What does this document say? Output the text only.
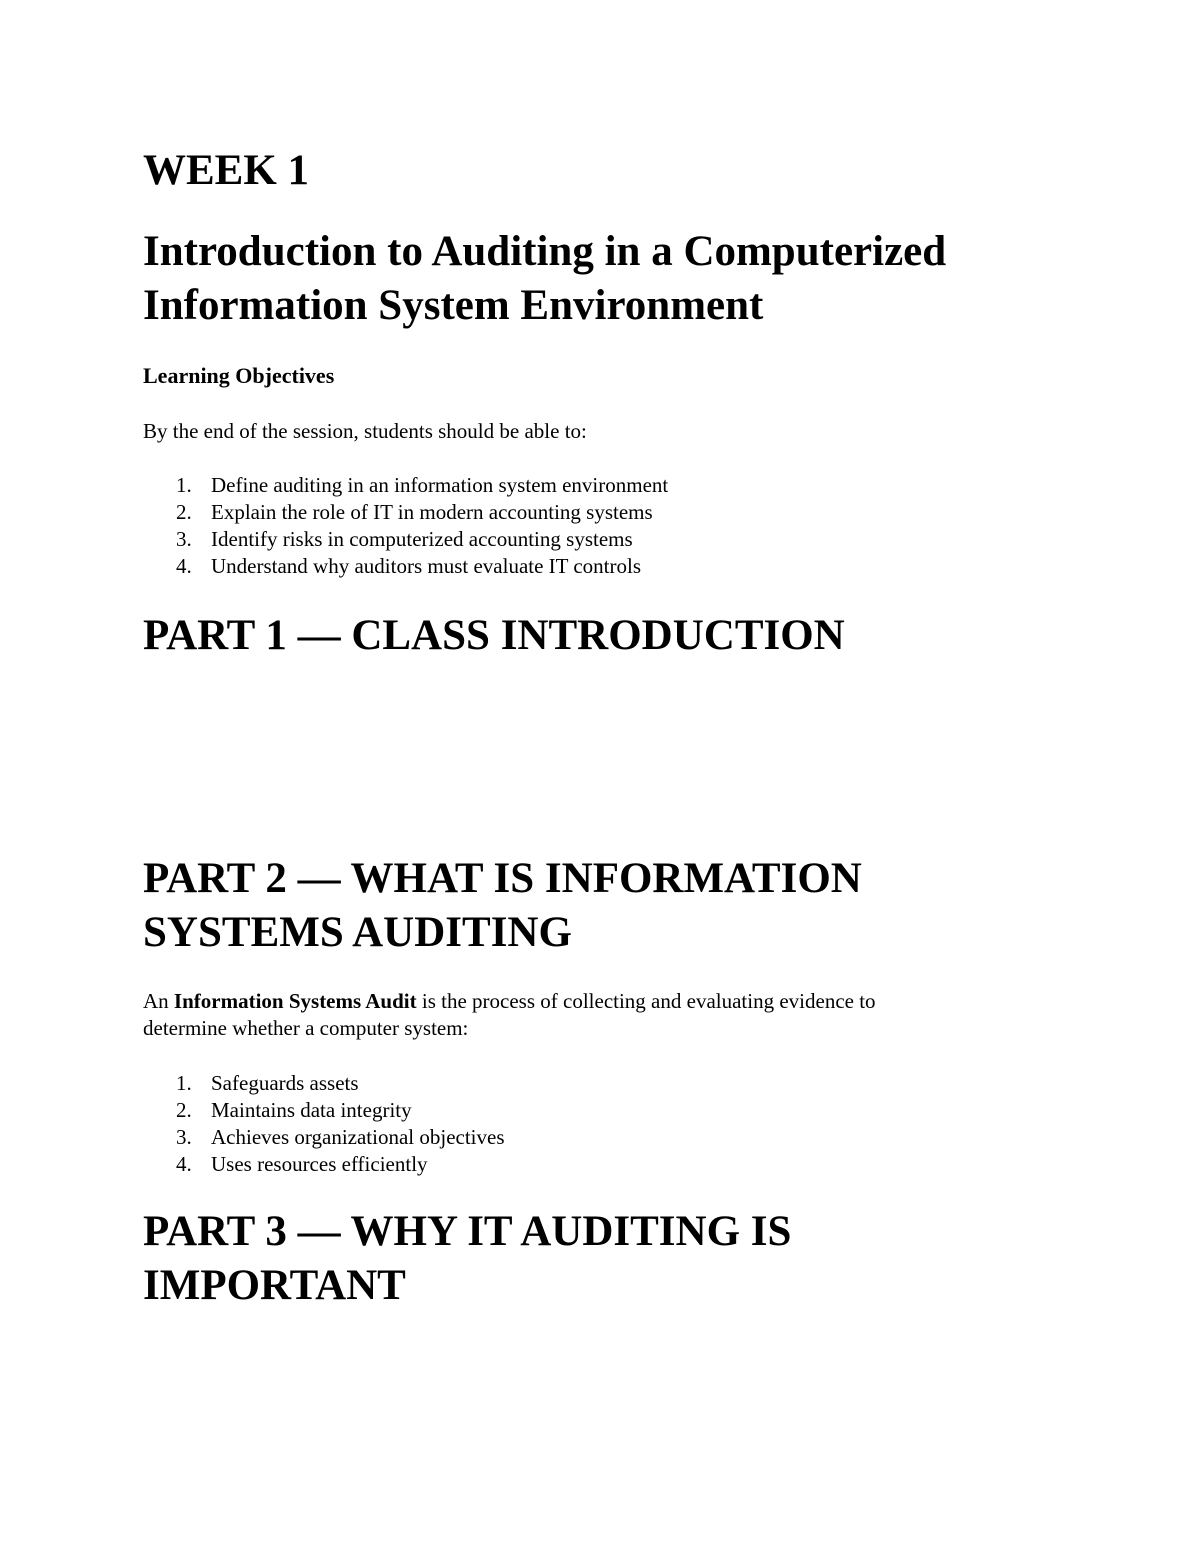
WEEK 1
Introduction to Auditing in a Computerized
Information System Environment
Learning Objectives

By the end of the session, students should be able to:

1. Define auditing in an information system environment
2. Explain the role of IT in modern accounting systems
3. Identify risks in computerized accounting systems
4. Understand why auditors must evaluate IT controls
PART 1 — CLASS INTRODUCTION
PART 2 — WHAT IS INFORMATION
SYSTEMS AUDITING

An Information Systems Audit is the process of collecting and evaluating evidence to
determine whether a computer system:

1. Safeguards assets
2. Maintains data integrity
3. Achieves organizational objectives
4. Uses resources efficiently
PART 3 — WHY IT AUDITING IS
IMPORTANT
